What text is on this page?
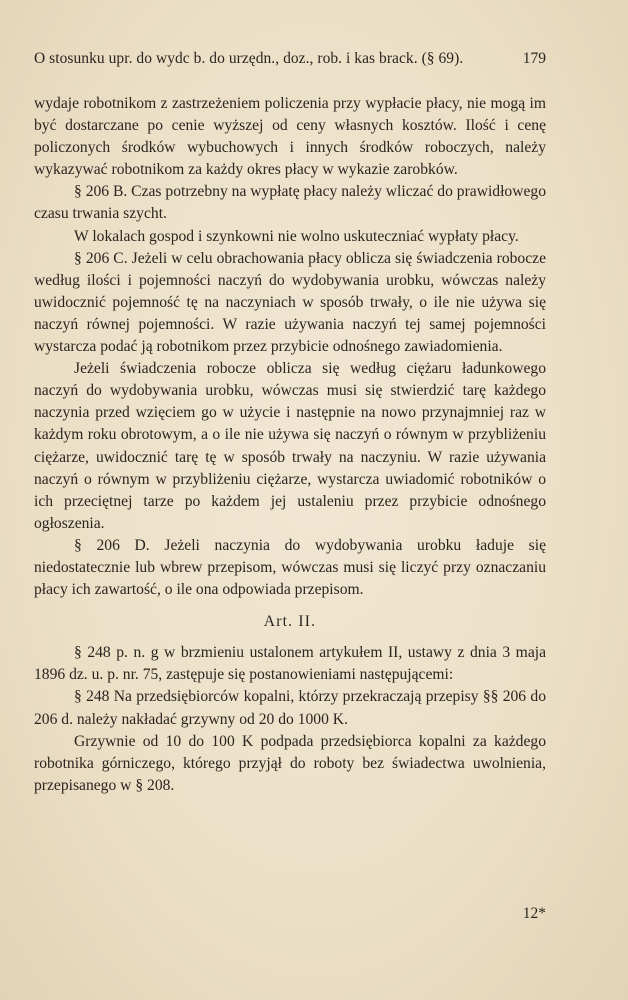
O stosunku upr. do wydc b. do urzędn., doz., rob. i kas brack. (§ 69).	179

wydaje robotnikom z zastrzeżeniem policzenia przy wypłacie płacy, nie mogą im być dostarczane po cenie wyższej od ceny własnych kosztów. Ilość i cenę policzonych środków wybuchowych i innych środków roboczych, należy wykazywać robotnikom za każdy okres płacy w wykazie zarobków.

§ 206 B. Czas potrzebny na wypłatę płacy należy wliczać do prawidłowego czasu trwania szycht.

W lokalach gospod i szynkowni nie wolno uskuteczniać wypłaty płacy.

§ 206 C. Jeżeli w celu obrachowania płacy oblicza się świadczenia robocze według ilości i pojemności naczyń do wydobywania urobku, wówczas należy uwidocznić pojemność tę na naczyniach w sposób trwały, o ile nie używa się naczyń równej pojemności. W razie używania naczyń tej samej pojemności wystarcza podać ją robotnikom przez przybicie odnośnego zawiadomienia.

Jeżeli świadczenia robocze oblicza się według ciężaru ładunkowego naczyń do wydobywania urobku, wówczas musi się stwierdzić tarę każdego naczynia przed wzięciem go w użycie i następnie na nowo przynajmniej raz w każdym roku obrotowym, a o ile nie używa się naczyń o równym w przybliżeniu ciężarze, uwidocznić tarę tę w sposób trwały na naczyniu. W razie używania naczyń o równym w przybliżeniu ciężarze, wystarcza uwiadomić robotników o ich przeciętnej tarze po każdem jej ustaleniu przez przybicie odnośnego ogłoszenia.

§ 206 D. Jeżeli naczynia do wydobywania urobku ładuje się niedostatecznie lub wbrew przepisom, wówczas musi się liczyć przy oznaczaniu płacy ich zawartość, o ile ona odpowiada przepisom.

Art. II.

§ 248 p. n. g w brzmieniu ustalonem artykułem II, ustawy z dnia 3 maja 1896 dz. u. p. nr. 75, zastępuje się postanowieniami następującemi:

§ 248 Na przedsiębiorców kopalni, którzy przekraczają przepisy §§ 206 do 206 d. należy nakładać grzywny od 20 do 1000 K.

Grzywnie od 10 do 100 K podpada przedsiębiorca kopalni za każdego robotnika górniczego, którego przyjął do roboty bez świadectwa uwolnienia, przepisanego w § 208.

12*
